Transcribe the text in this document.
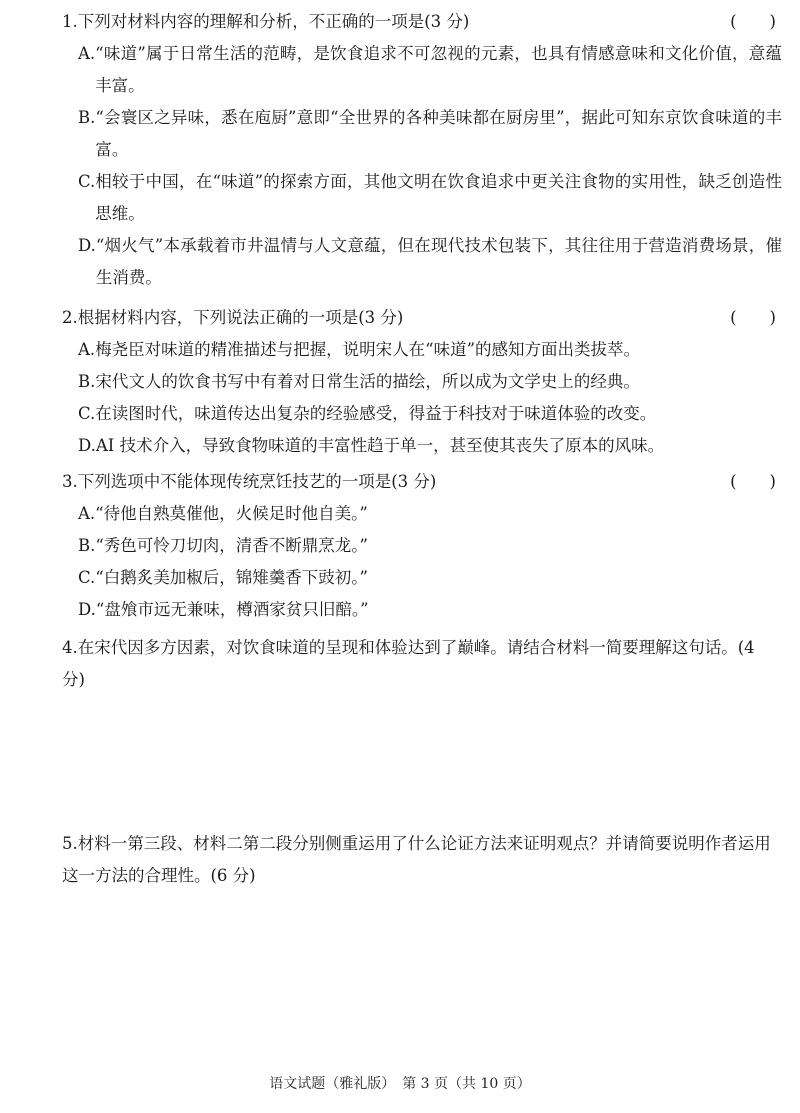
1.下列对材料内容的理解和分析，不正确的一项是(3 分)	(　　)
A. “味道”属于日常生活的范畴，是饮食追求不可忽视的元素，也具有情感意味和文化价值，意蕴丰富。
B. “会寰区之异味，悉在庖厨”意即“全世界的各种美味都在厨房里”，据此可知东京饮食味道的丰富。
C. 相较于中国，在“味道”的探索方面，其他文明在饮食追求中更关注食物的实用性，缺乏创造性思维。
D. “烟火气”本承载着市井温情与人文意蕴，但在现代技术包装下，其往往用于营造消费场景，催生消费。
2.根据材料内容，下列说法正确的一项是(3 分)	(　　)
A. 梅尧臣对味道的精准描述与把握，说明宋人在“味道”的感知方面出类拔萃。
B. 宋代文人的饮食书写中有着对日常生活的描绘，所以成为文学史上的经典。
C. 在读图时代，味道传达出复杂的经验感受，得益于科技对于味道体验的改变。
D. AI 技术介入，导致食物味道的丰富性趋于单一，甚至使其丧失了原本的风味。
3.下列选项中不能体现传统烹饪技艺的一项是(3 分)	(　　)
A. “待他自熟莫催他，火候足时他自美。”
B. “秀色可怜刀切肉，清香不断鼎烹龙。”
C. “白鹅炙美加椒后，锦雉羹香下豉初。”
D. “盘飧市远无兼味，樽酒家贫只旧醅。”
4.在宋代因多方因素，对饮食味道的呈现和体验达到了巅峰。请结合材料一简要理解这句话。(4 分)
5.材料一第三段、材料二第二段分别侧重运用了什么论证方法来证明观点？并请简要说明作者运用这一方法的合理性。(6 分)
语文试题（雅礼版）　第 3 页（共 10 页）
